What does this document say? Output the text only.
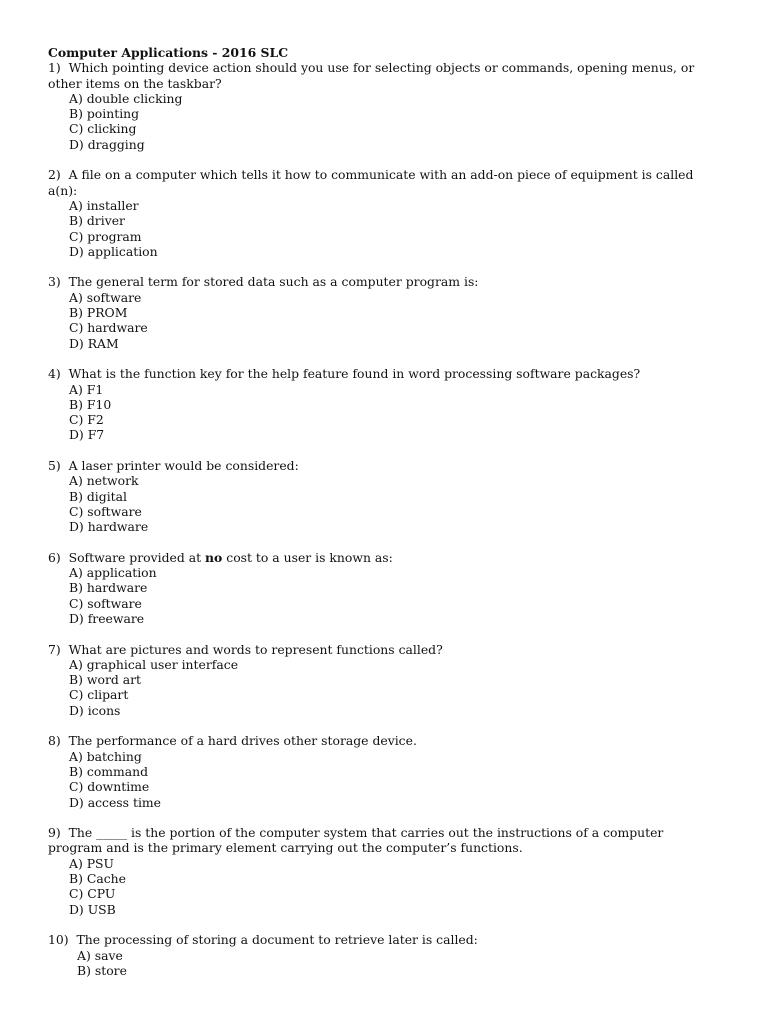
Computer Applications - 2016 SLC
1) Which pointing device action should you use for selecting objects or commands, opening menus, or other items on the taskbar?
A) double clicking
B) pointing
C) clicking
D) dragging
2) A file on a computer which tells it how to communicate with an add-on piece of equipment is called a(n):
A) installer
B) driver
C) program
D) application
3) The general term for stored data such as a computer program is:
A) software
B) PROM
C) hardware
D) RAM
4) What is the function key for the help feature found in word processing software packages?
A) F1
B) F10
C) F2
D) F7
5) A laser printer would be considered:
A) network
B) digital
C) software
D) hardware
6) Software provided at no cost to a user is known as:
A) application
B) hardware
C) software
D) freeware
7) What are pictures and words to represent functions called?
A) graphical user interface
B) word art
C) clipart
D) icons
8) The performance of a hard drives other storage device.
A) batching
B) command
C) downtime
D) access time
9) The _____ is the portion of the computer system that carries out the instructions of a computer program and is the primary element carrying out the computer’s functions.
A) PSU
B) Cache
C) CPU
D) USB
10) The processing of storing a document to retrieve later is called:
A) save
B) store
